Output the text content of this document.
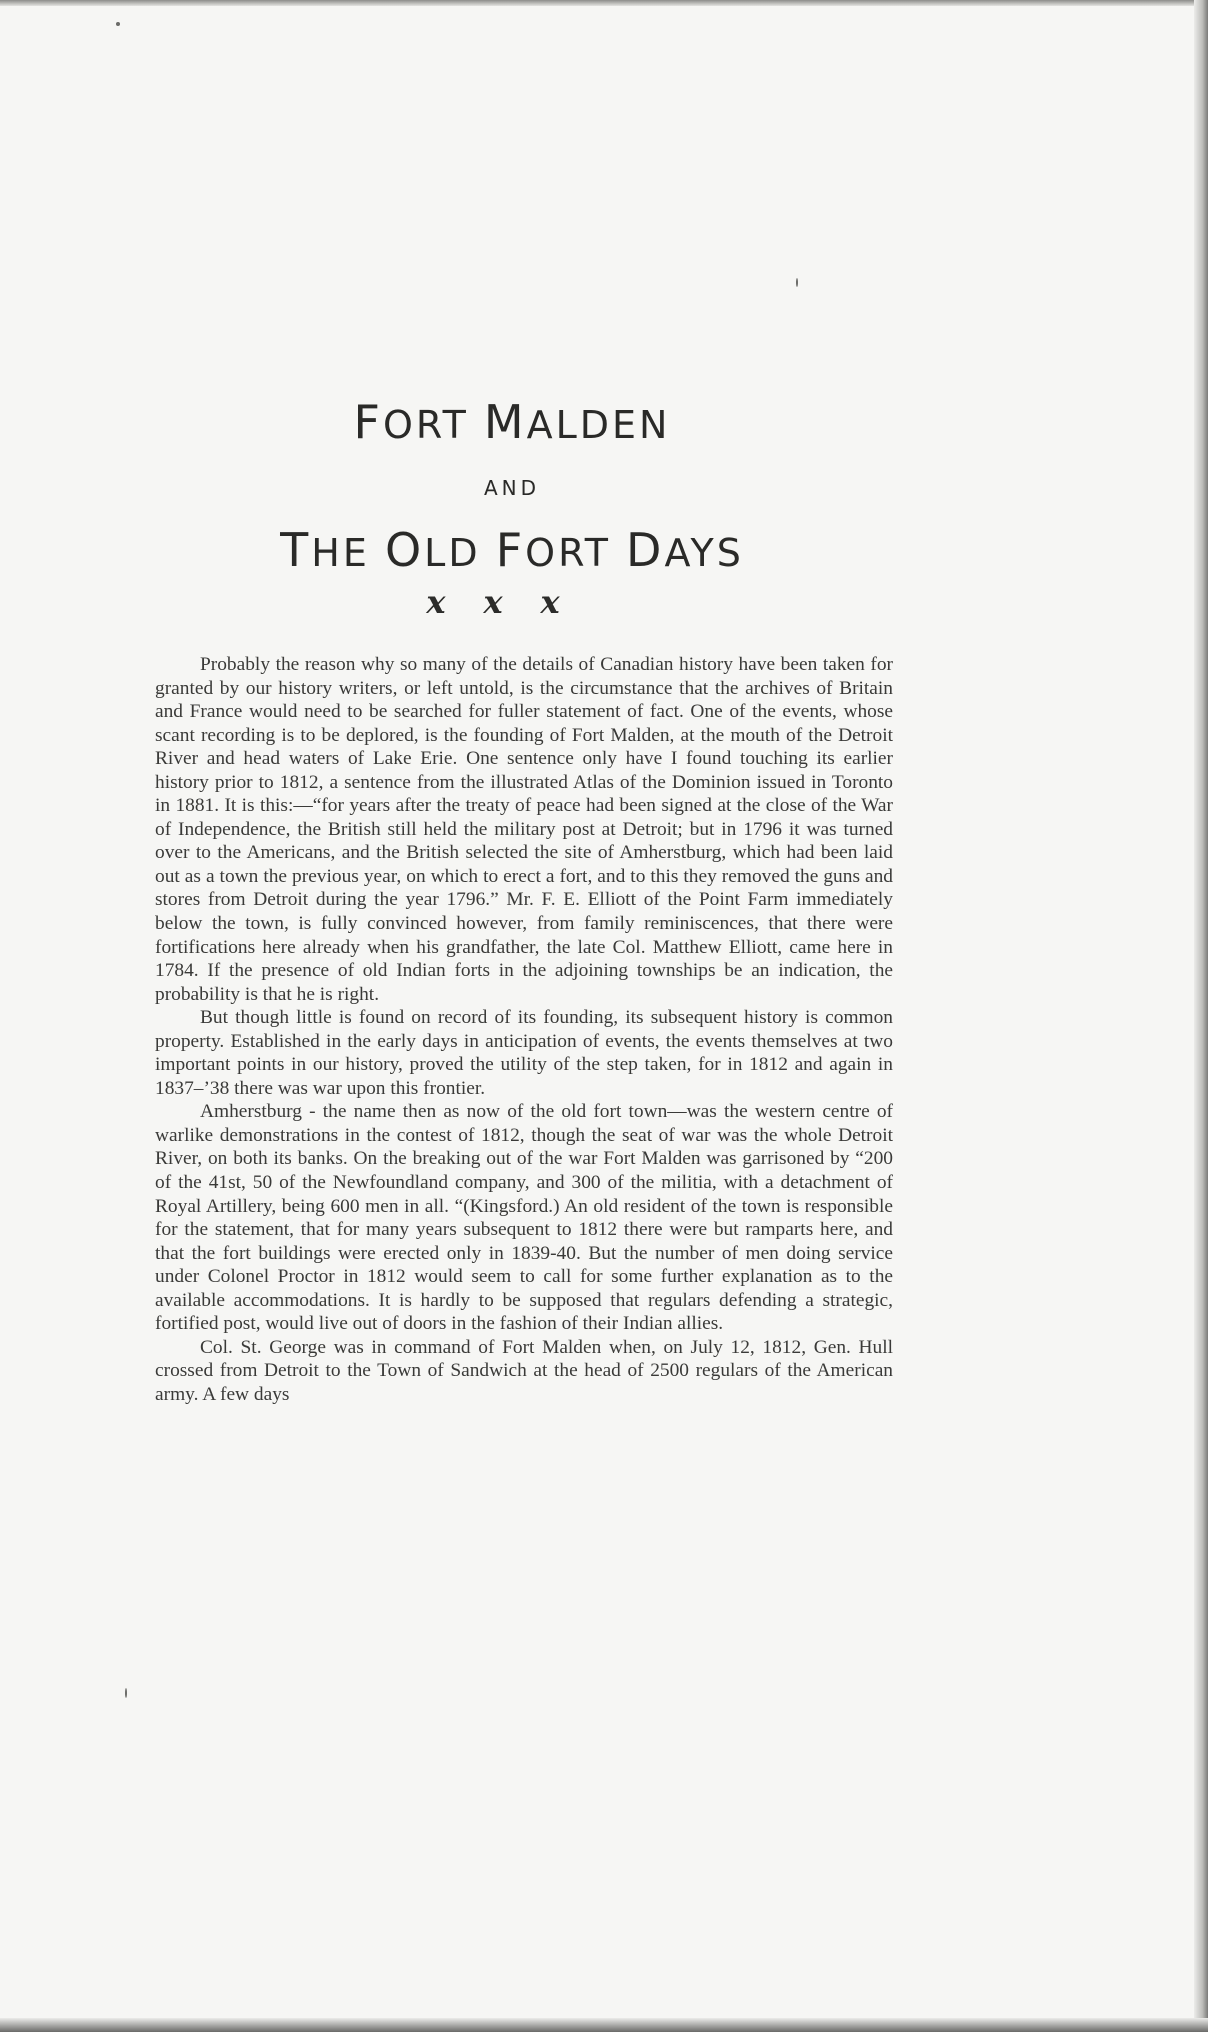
FORT MALDEN
AND
THE OLD FORT DAYS
xxx

Probably the reason why so many of the details of Canadian history have been taken for granted by our history writers, or left untold, is the circumstance that the archives of Britain and France would need to be searched for fuller statement of fact. One of the events, whose scant recording is to be deplored, is the founding of Fort Malden, at the mouth of the Detroit River and head waters of Lake Erie. One sentence only have I found touching its earlier history prior to 1812, a sentence from the illustrated Atlas of the Dominion issued in Toronto in 1881. It is this:—“for years after the treaty of peace had been signed at the close of the War of Independence, the British still held the military post at Detroit; but in 1796 it was turned over to the Americans, and the British selected the site of Amherstburg, which had been laid out as a town the previous year, on which to erect a fort, and to this they removed the guns and stores from Detroit during the year 1796.” Mr. F. E. Elliott of the Point Farm immediately below the town, is fully convinced however, from family reminiscences, that there were fortifications here already when his grandfather, the late Col. Matthew Elliott, came here in 1784. If the presence of old Indian forts in the adjoining townships be an indication, the probability is that he is right.

But though little is found on record of its founding, its subsequent history is common property. Established in the early days in anticipation of events, the events themselves at two important points in our history, proved the utility of the step taken, for in 1812 and again in 1837–’38 there was war upon this frontier.

Amherstburg - the name then as now of the old fort town—was the western centre of warlike demonstrations in the contest of 1812, though the seat of war was the whole Detroit River, on both its banks. On the breaking out of the war Fort Malden was garrisoned by “200 of the 41st, 50 of the Newfoundland company, and 300 of the militia, with a detachment of Royal Artillery, being 600 men in all. “(Kingsford.) An old resident of the town is responsible for the statement, that for many years subsequent to 1812 there were but ramparts here, and that the fort buildings were erected only in 1839-40. But the number of men doing service under Colonel Proctor in 1812 would seem to call for some further explanation as to the available accommodations. It is hardly to be supposed that regulars defending a strategic, fortified post, would live out of doors in the fashion of their Indian allies.

Col. St. George was in command of Fort Malden when, on July 12, 1812, Gen. Hull crossed from Detroit to the Town of Sandwich at the head of 2500 regulars of the American army. A few days
